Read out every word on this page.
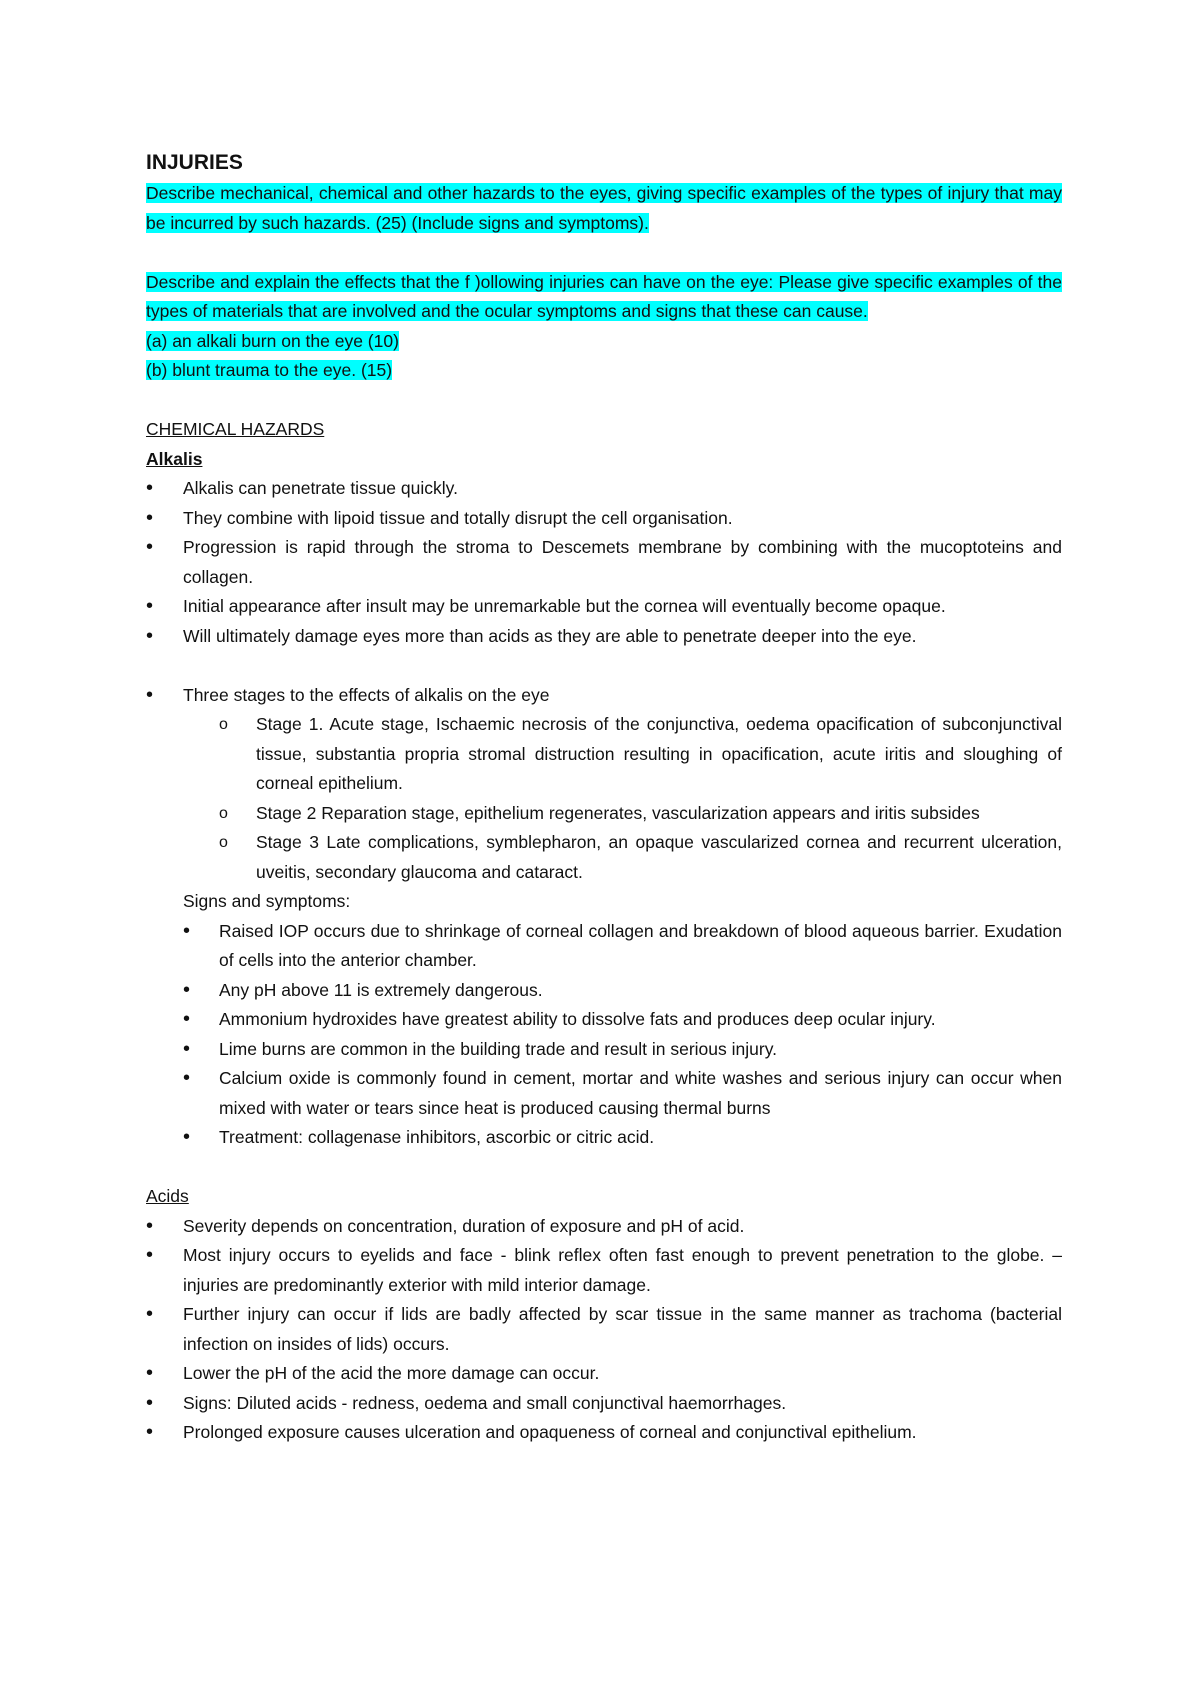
INJURIES
Describe mechanical, chemical and other hazards to the eyes, giving specific examples of the types of injury that may be incurred by such hazards. (25) (Include signs and symptoms).
Describe and explain the effects that the f )ollowing injuries can have on the eye: Please give specific examples of the types of materials that are involved and the ocular symptoms and signs that these can cause.
(a) an alkali burn on the eye (10)
(b) blunt trauma to the eye. (15)
CHEMICAL HAZARDS
Alkalis
• Alkalis can penetrate tissue quickly.
• They combine with lipoid tissue and totally disrupt the cell organisation.
• Progression is rapid through the stroma to Descemets membrane by combining with the mucoptoteins and collagen.
• Initial appearance after insult may be unremarkable but the cornea will eventually become opaque.
• Will ultimately damage eyes more than acids as they are able to penetrate deeper into the eye.
• Three stages to the effects of alkalis on the eye
o Stage 1. Acute stage, Ischaemic necrosis of the conjunctiva, oedema opacification of subconjunctival tissue, substantia propria stromal distruction resulting in opacification, acute iritis and sloughing of corneal epithelium.
o Stage 2 Reparation stage, epithelium regenerates, vascularization appears and iritis subsides
o Stage 3 Late complications, symblepharon, an opaque vascularized cornea and recurrent ulceration, uveitis, secondary glaucoma and cataract.
Signs and symptoms:
• Raised IOP occurs due to shrinkage of corneal collagen and breakdown of blood aqueous barrier. Exudation of cells into the anterior chamber.
• Any pH above 11 is extremely dangerous.
• Ammonium hydroxides have greatest ability to dissolve fats and produces deep ocular injury.
• Lime burns are common in the building trade and result in serious injury.
• Calcium oxide is commonly found in cement, mortar and white washes and serious injury can occur when mixed with water or tears since heat is produced causing thermal burns
• Treatment: collagenase inhibitors, ascorbic or citric acid.
Acids
• Severity depends on concentration, duration of exposure and pH of acid.
• Most injury occurs to eyelids and face - blink reflex often fast enough to prevent penetration to the globe. – injuries are predominantly exterior with mild interior damage.
• Further injury can occur if lids are badly affected by scar tissue in the same manner as trachoma (bacterial infection on insides of lids) occurs.
• Lower the pH of the acid the more damage can occur.
• Signs: Diluted acids - redness, oedema and small conjunctival haemorrhages.
• Prolonged exposure causes ulceration and opaqueness of corneal and conjunctival epithelium.
